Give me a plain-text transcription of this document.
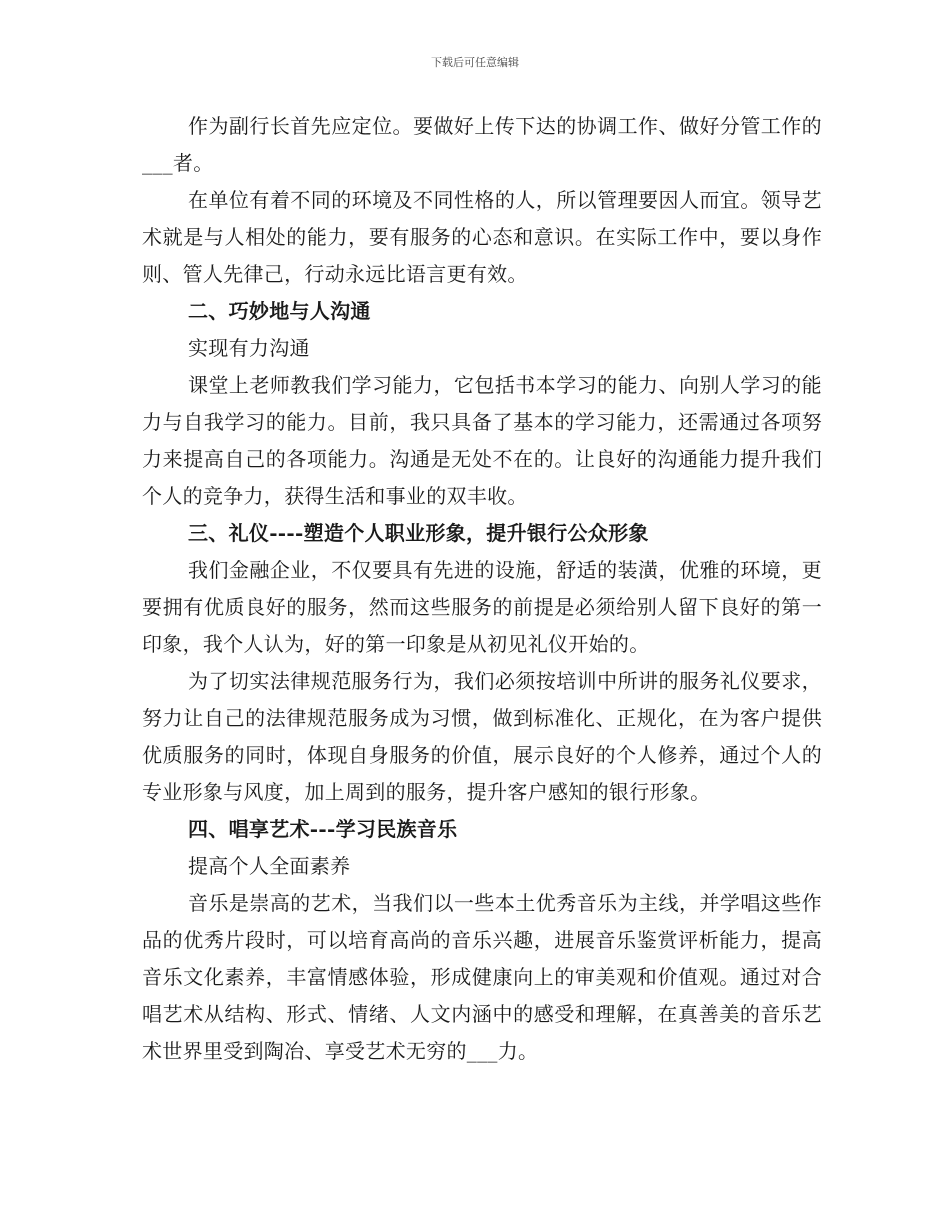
下载后可任意编辑

作为副行长首先应定位。要做好上传下达的协调工作、做好分管工作的___者。

在单位有着不同的环境及不同性格的人，所以管理要因人而宜。领导艺术就是与人相处的能力，要有服务的心态和意识。在实际工作中，要以身作则、管人先律己，行动永远比语言更有效。

二、巧妙地与人沟通

实现有力沟通

课堂上老师教我们学习能力，它包括书本学习的能力、向别人学习的能力与自我学习的能力。目前，我只具备了基本的学习能力，还需通过各项努力来提高自己的各项能力。沟通是无处不在的。让良好的沟通能力提升我们个人的竞争力，获得生活和事业的双丰收。

三、礼仪----塑造个人职业形象，提升银行公众形象

我们金融企业，不仅要具有先进的设施，舒适的装潢，优雅的环境，更要拥有优质良好的服务，然而这些服务的前提是必须给别人留下良好的第一印象，我个人认为，好的第一印象是从初见礼仪开始的。

为了切实法律规范服务行为，我们必须按培训中所讲的服务礼仪要求，努力让自己的法律规范服务成为习惯，做到标准化、正规化，在为客户提供优质服务的同时，体现自身服务的价值，展示良好的个人修养，通过个人的专业形象与风度，加上周到的服务，提升客户感知的银行形象。

四、唱享艺术---学习民族音乐

提高个人全面素养

音乐是崇高的艺术，当我们以一些本土优秀音乐为主线，并学唱这些作品的优秀片段时，可以培育高尚的音乐兴趣，进展音乐鉴赏评析能力，提高音乐文化素养，丰富情感体验，形成健康向上的审美观和价值观。通过对合唱艺术从结构、形式、情绪、人文内涵中的感受和理解，在真善美的音乐艺术世界里受到陶冶、享受艺术无穷的___力。
